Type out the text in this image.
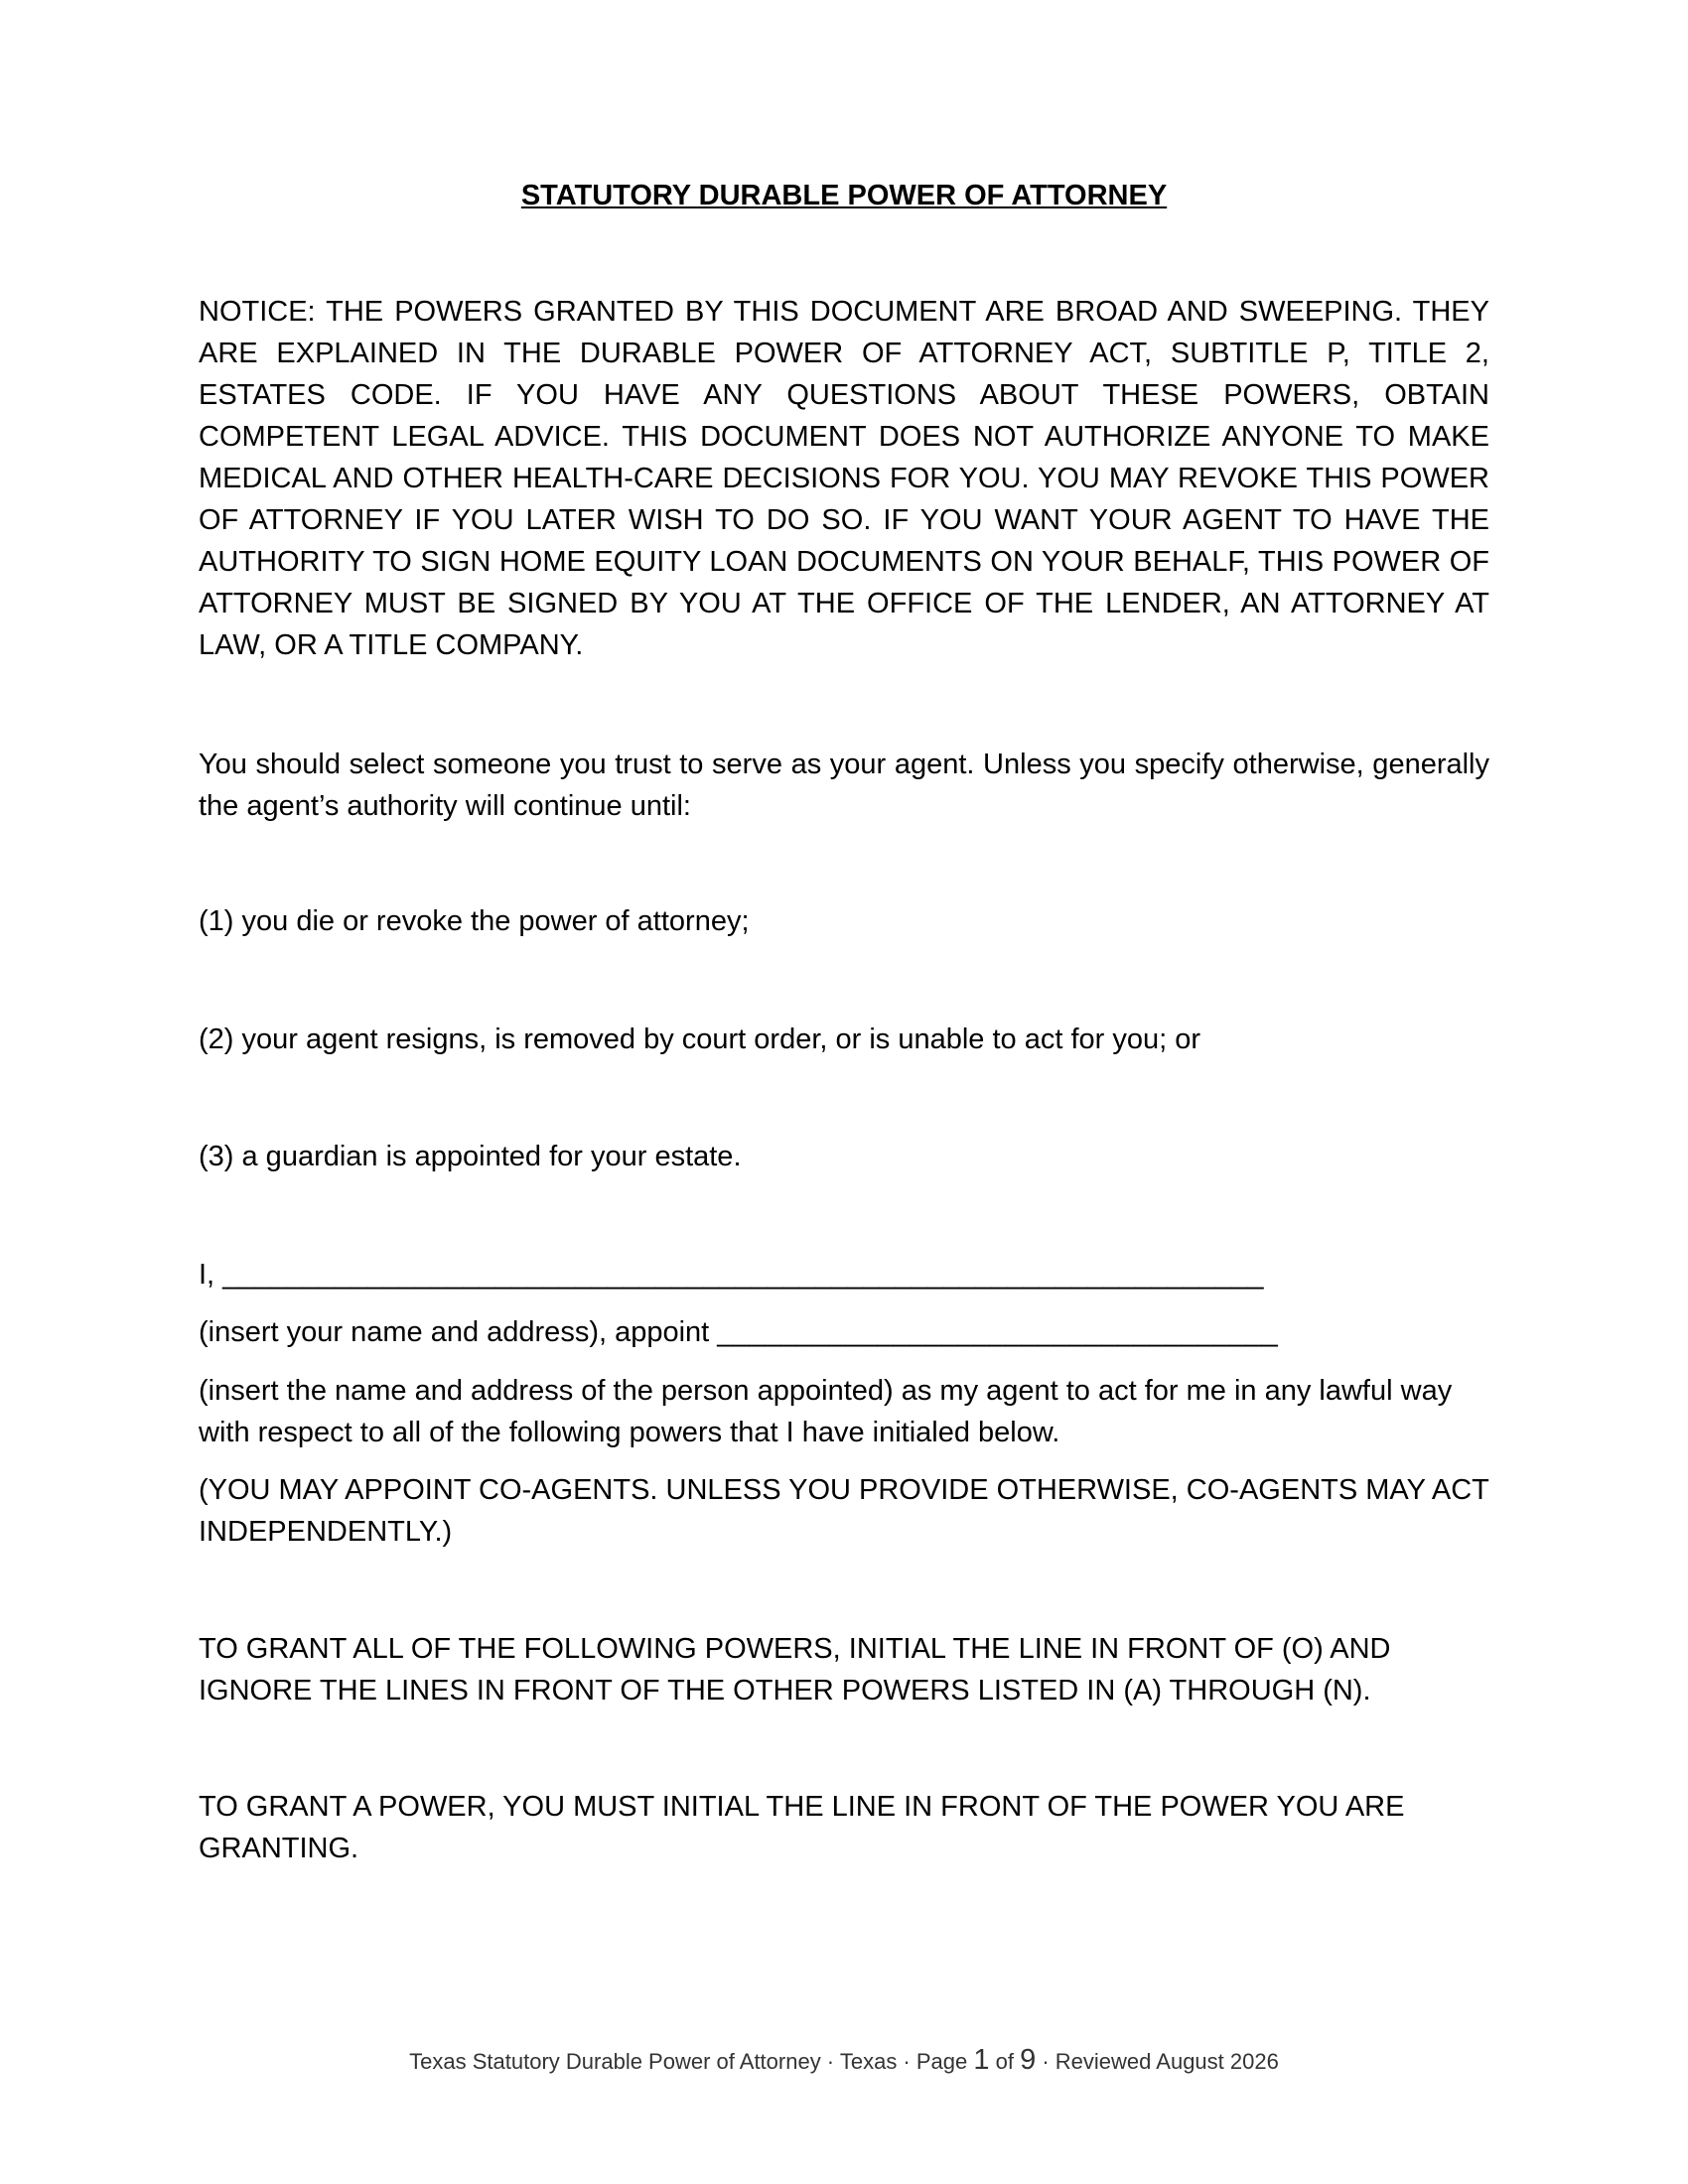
STATUTORY DURABLE POWER OF ATTORNEY

NOTICE: THE POWERS GRANTED BY THIS DOCUMENT ARE BROAD AND SWEEPING. THEY ARE EXPLAINED IN THE DURABLE POWER OF ATTORNEY ACT, SUBTITLE P, TITLE 2, ESTATES CODE. IF YOU HAVE ANY QUESTIONS ABOUT THESE POWERS, OBTAIN COMPETENT LEGAL ADVICE. THIS DOCUMENT DOES NOT AUTHORIZE ANYONE TO MAKE MEDICAL AND OTHER HEALTH-CARE DECISIONS FOR YOU. YOU MAY REVOKE THIS POWER OF ATTORNEY IF YOU LATER WISH TO DO SO. IF YOU WANT YOUR AGENT TO HAVE THE AUTHORITY TO SIGN HOME EQUITY LOAN DOCUMENTS ON YOUR BEHALF, THIS POWER OF ATTORNEY MUST BE SIGNED BY YOU AT THE OFFICE OF THE LENDER, AN ATTORNEY AT LAW, OR A TITLE COMPANY.

You should select someone you trust to serve as your agent. Unless you specify otherwise, generally the agent’s authority will continue until:

(1) you die or revoke the power of attorney;

(2) your agent resigns, is removed by court order, or is unable to act for you; or

(3) a guardian is appointed for your estate.

I, _________________________________________________________________

(insert your name and address), appoint ___________________________________

(insert the name and address of the person appointed) as my agent to act for me in any lawful way with respect to all of the following powers that I have initialed below.

(YOU MAY APPOINT CO-AGENTS. UNLESS YOU PROVIDE OTHERWISE, CO-AGENTS MAY ACT INDEPENDENTLY.)

TO GRANT ALL OF THE FOLLOWING POWERS, INITIAL THE LINE IN FRONT OF (O) AND IGNORE THE LINES IN FRONT OF THE OTHER POWERS LISTED IN (A) THROUGH (N).

TO GRANT A POWER, YOU MUST INITIAL THE LINE IN FRONT OF THE POWER YOU ARE GRANTING.

Texas Statutory Durable Power of Attorney · Texas · Page 1 of 9 · Reviewed August 2026
